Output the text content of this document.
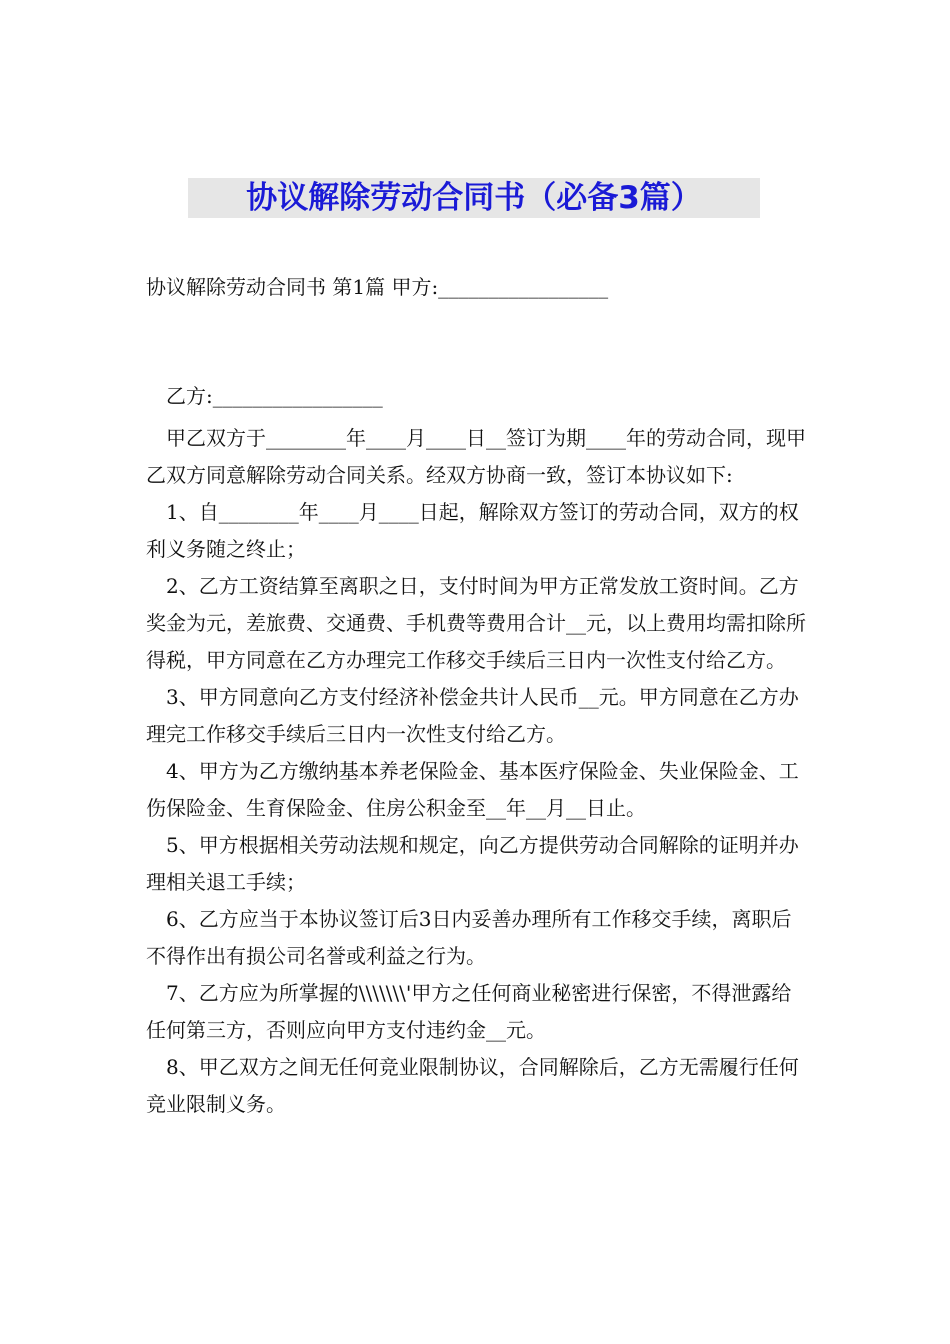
协议解除劳动合同书（必备3篇）
协议解除劳动合同书 第1篇 甲方:_________________
乙方:_________________

甲乙双方于________年____月____日__签订为期____年的劳动合同，现甲乙双方同意解除劳动合同关系。经双方协商一致，签订本协议如下:

1、自________年____月____日起，解除双方签订的劳动合同，双方的权利义务随之终止；

2、乙方工资结算至离职之日，支付时间为甲方正常发放工资时间。乙方奖金为元，差旅费、交通费、手机费等费用合计__元，以上费用均需扣除所得税，甲方同意在乙方办理完工作移交手续后三日内一次性支付给乙方。

3、甲方同意向乙方支付经济补偿金共计人民币__元。甲方同意在乙方办理完工作移交手续后三日内一次性支付给乙方。

4、甲方为乙方缴纳基本养老保险金、基本医疗保险金、失业保险金、工伤保险金、生育保险金、住房公积金至__年__月__日止。

5、甲方根据相关劳动法规和规定，向乙方提供劳动合同解除的证明并办理相关退工手续；

6、乙方应当于本协议签订后3日内妥善办理所有工作移交手续，离职后不得作出有损公司名誉或利益之行为。

7、乙方应为所掌握的\\\\\\\'甲方之任何商业秘密进行保密，不得泄露给任何第三方，否则应向甲方支付违约金__元。

8、甲乙双方之间无任何竞业限制协议，合同解除后，乙方无需履行任何竞业限制义务。
